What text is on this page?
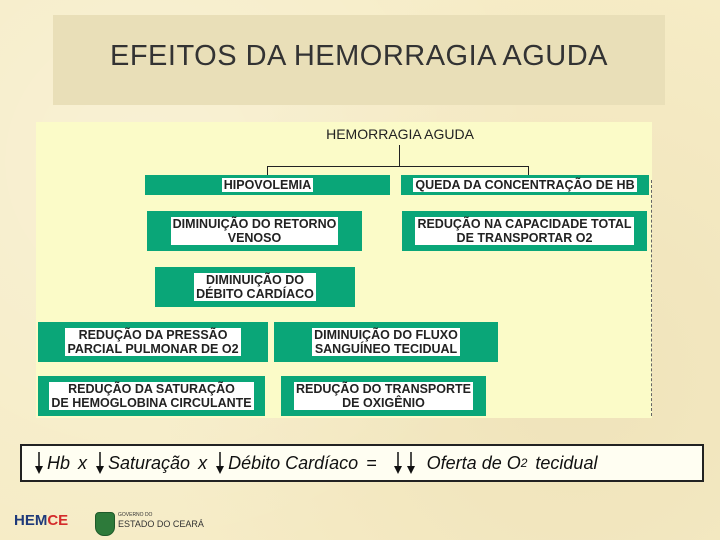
EFEITOS DA HEMORRAGIA AGUDA
HEMORRAGIA AGUDA
HIPOVOLEMIA	QUEDA DA CONCENTRAÇÃO DE HB
DIMINUIÇÃO DO RETORNO
VENOSO
REDUÇÃO NA CAPACIDADE TOTAL
DE TRANSPORTAR O2
DIMINUIÇÃO DO
DÉBITO CARDÍACO
REDUÇÃO DA PRESSÃO
PARCIAL PULMONAR DE O2
DIMINUIÇÃO DO FLUXO
SANGUÍNEO TECIDUAL
REDUÇÃO DA SATURAÇÃO
DE HEMOGLOBINA CIRCULANTE
REDUÇÃO DO TRANSPORTE
DE OXIGÊNIO
Hb x Saturação x Débito Cardíaco =	Oferta de O 2 tecidual
HEMCE	GOVERNO DO
ESTADO DO CEARÁ
